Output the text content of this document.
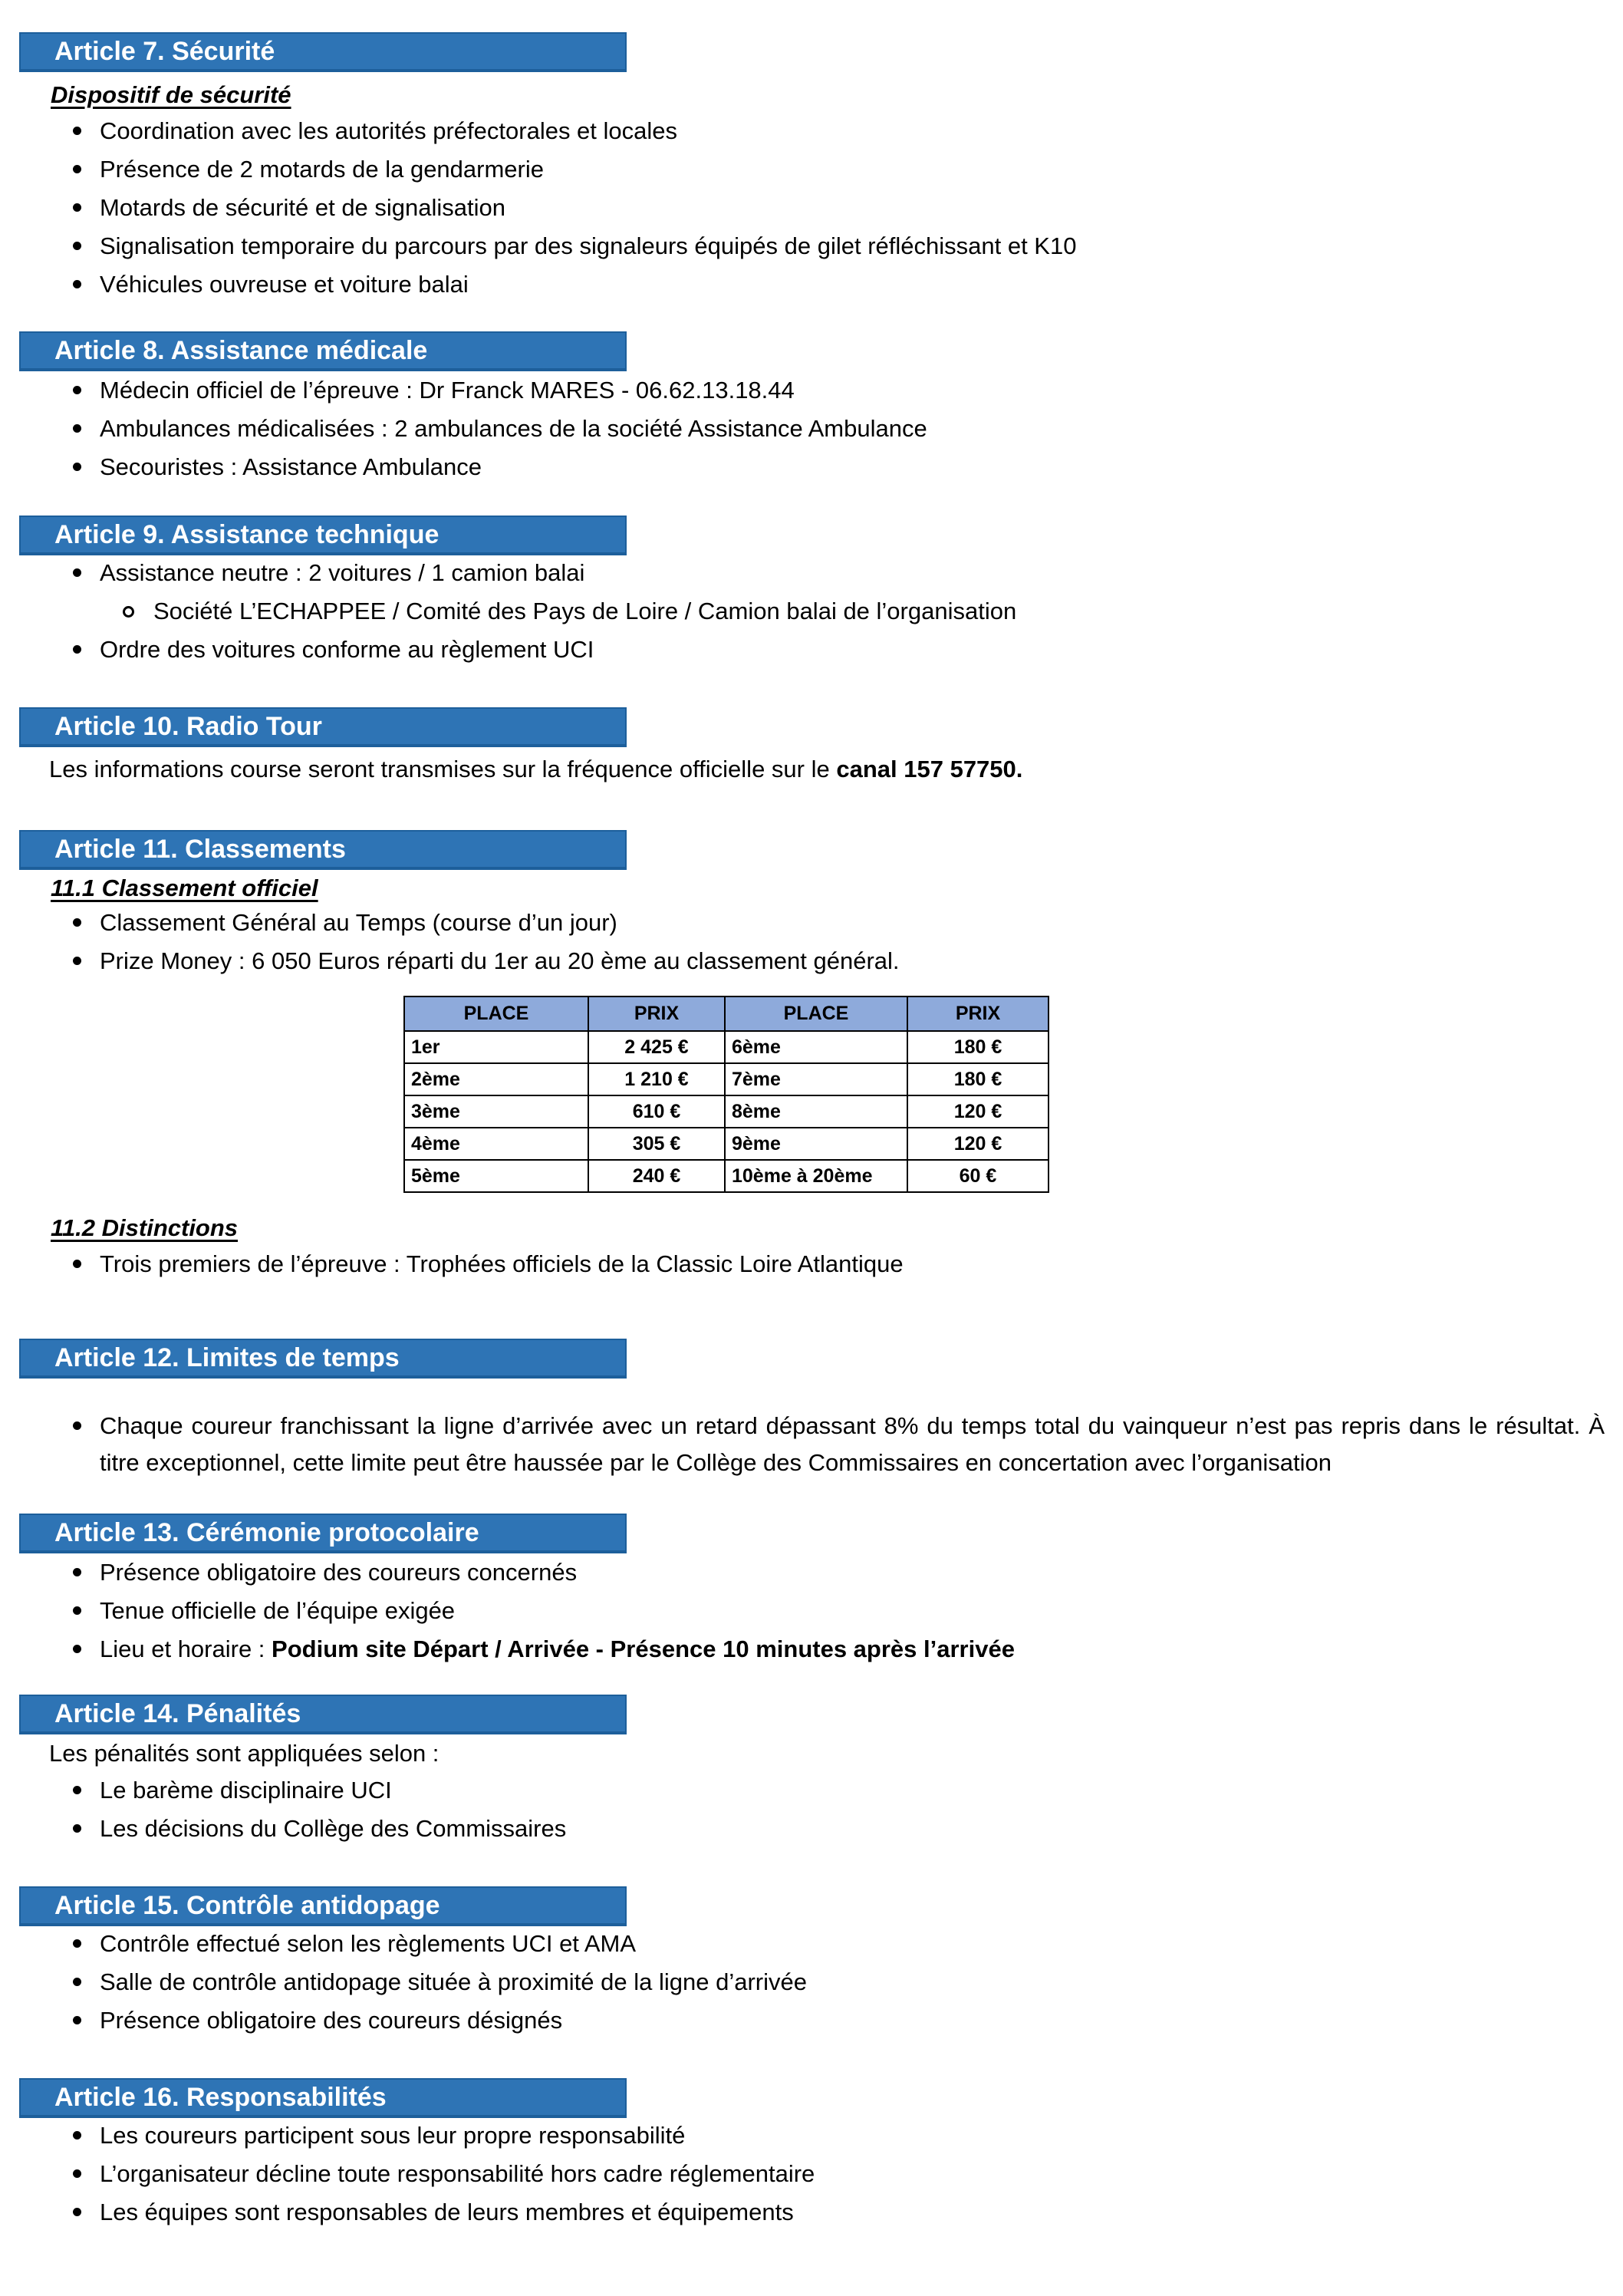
Article 7. Sécurité
Dispositif de sécurité
Coordination avec les autorités préfectorales et locales
Présence de 2 motards de la gendarmerie
Motards de sécurité et de signalisation
Signalisation temporaire du parcours par des signaleurs équipés de gilet réfléchissant et K10
Véhicules ouvreuse et voiture balai
Article 8. Assistance médicale
Médecin officiel de l’épreuve : Dr Franck MARES - 06.62.13.18.44
Ambulances médicalisées : 2 ambulances de la société Assistance Ambulance
Secouristes : Assistance Ambulance
Article 9. Assistance technique
Assistance neutre : 2 voitures / 1 camion balai
Société L’ECHAPPEE / Comité des Pays de Loire / Camion balai de l’organisation
Ordre des voitures conforme au règlement UCI
Article 10. Radio Tour
Les informations course seront transmises sur la fréquence officielle sur le canal 157 57750.
Article 11. Classements
11.1 Classement officiel
Classement Général au Temps (course d’un jour)
Prize Money : 6 050 Euros réparti du 1er au 20 ème au classement général.
PLACE	PRIX	PLACE	PRIX
1er	2 425 €	6ème	180 €
2ème	1 210 €	7ème	180 €
3ème	610 €	8ème	120 €
4ème	305 €	9ème	120 €
5ème	240 €	10ème à 20ème	60 €
11.2 Distinctions
Trois premiers de l’épreuve : Trophées officiels de la Classic Loire Atlantique
Article 12. Limites de temps
Chaque coureur franchissant la ligne d’arrivée avec un retard dépassant 8% du temps total du vainqueur n’est pas repris dans le résultat. À titre exceptionnel, cette limite peut être haussée par le Collège des Commissaires en concertation avec l’organisation
Article 13. Cérémonie protocolaire
Présence obligatoire des coureurs concernés
Tenue officielle de l’équipe exigée
Lieu et horaire : Podium site Départ / Arrivée - Présence 10 minutes après l’arrivée
Article 14. Pénalités
Les pénalités sont appliquées selon :
Le barème disciplinaire UCI
Les décisions du Collège des Commissaires
Article 15. Contrôle antidopage
Contrôle effectué selon les règlements UCI et AMA
Salle de contrôle antidopage située à proximité de la ligne d’arrivée
Présence obligatoire des coureurs désignés
Article 16. Responsabilités
Les coureurs participent sous leur propre responsabilité
L’organisateur décline toute responsabilité hors cadre réglementaire
Les équipes sont responsables de leurs membres et équipements
